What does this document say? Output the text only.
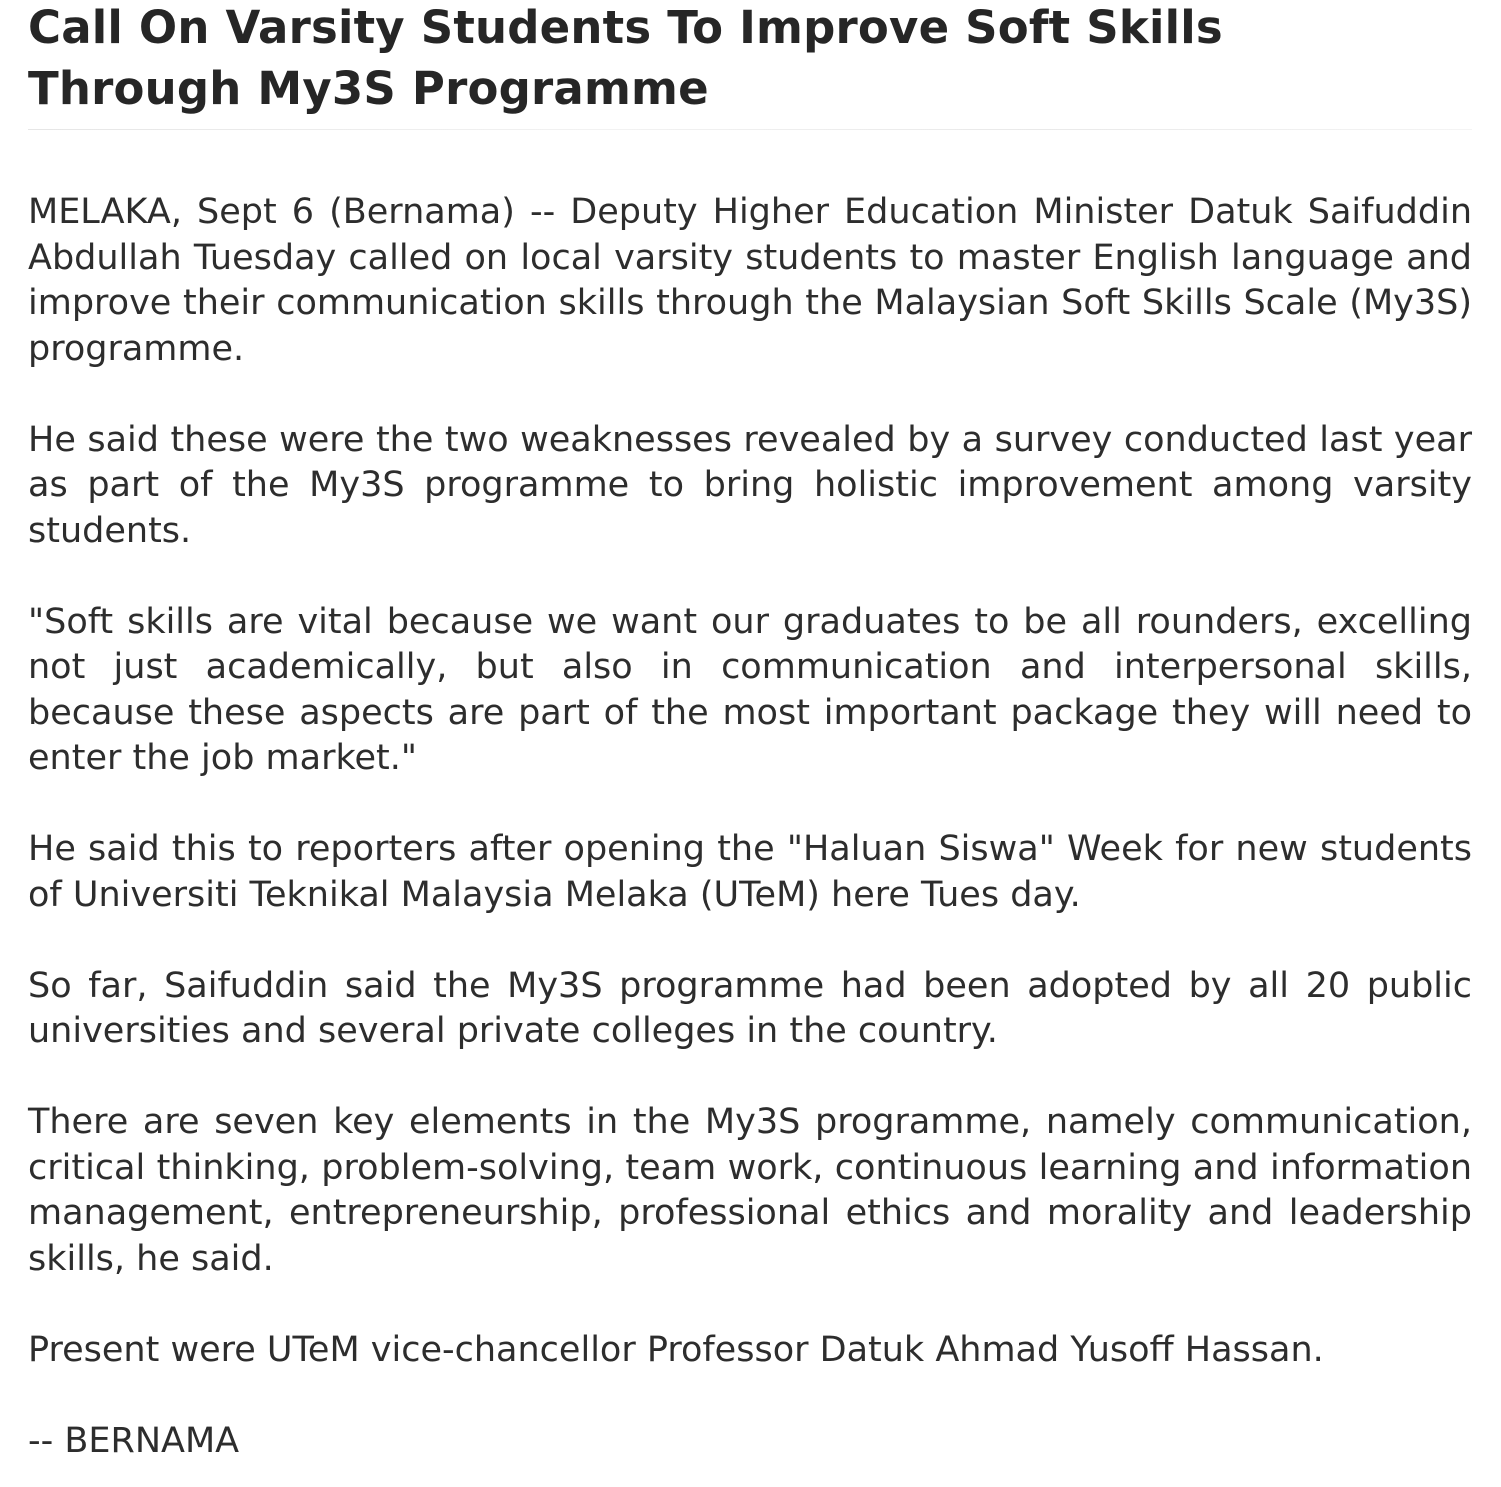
Call On Varsity Students To Improve Soft Skills
Through My3S Programme

MELAKA, Sept 6 (Bernama) -- Deputy Higher Education Minister Datuk Saifuddin Abdullah Tuesday called on local varsity students to master English language and improve their communication skills through the Malaysian Soft Skills Scale (My3S) programme.

He said these were the two weaknesses revealed by a survey conducted last year as part of the My3S programme to bring holistic improvement among varsity students.

"Soft skills are vital because we want our graduates to be all rounders, excelling not just academically, but also in communication and interpersonal skills, because these aspects are part of the most important package they will need to enter the job market."

He said this to reporters after opening the "Haluan Siswa" Week for new students of Universiti Teknikal Malaysia Melaka (UTeM) here Tues day.

So far, Saifuddin said the My3S programme had been adopted by all 20 public universities and several private colleges in the country.

There are seven key elements in the My3S programme, namely communication, critical thinking, problem-solving, team work, continuous learning and information management, entrepreneurship, professional ethics and morality and leadership skills, he said.

Present were UTeM vice-chancellor Professor Datuk Ahmad Yusoff Hassan.

-- BERNAMA
